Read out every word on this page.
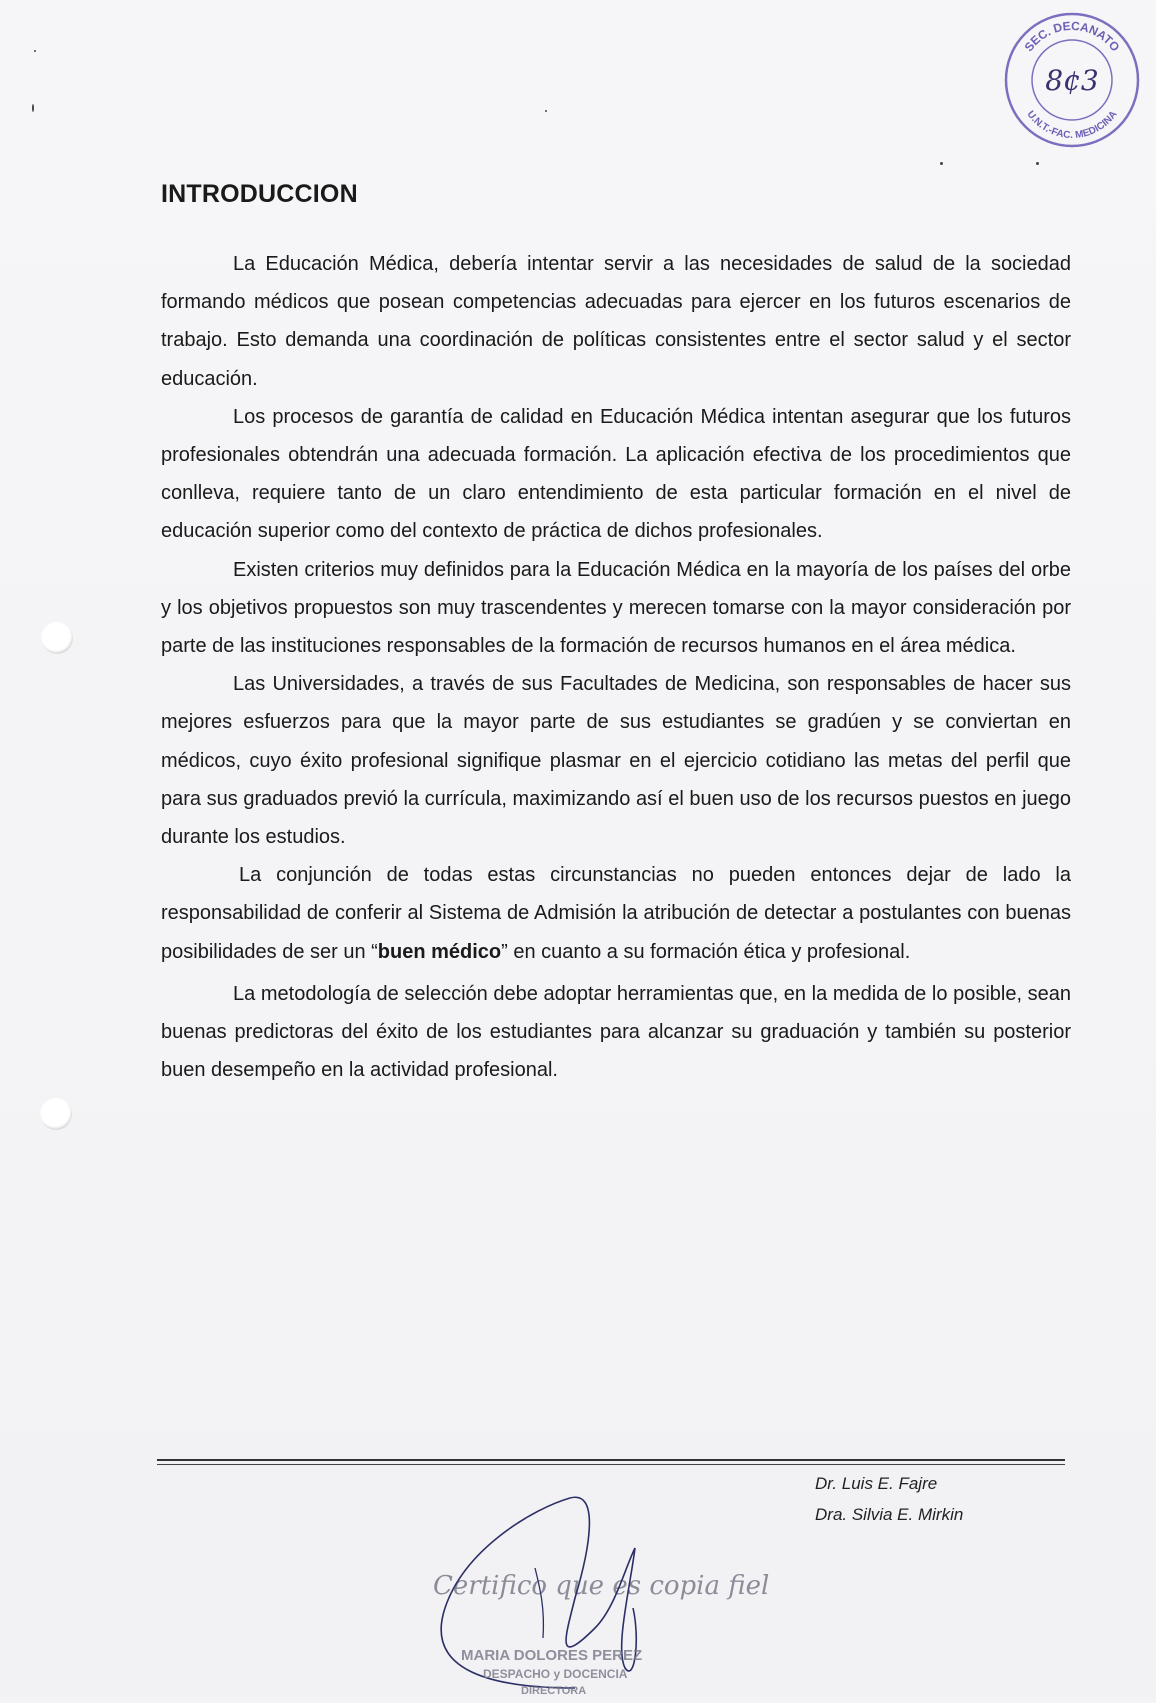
SEC. DECANATO
U.N.T.-FAC. MEDICINA
8¢3
INTRODUCCION

La Educación Médica, debería intentar servir a las necesidades de salud de la sociedad formando médicos que posean competencias adecuadas para ejercer en los futuros escenarios de trabajo. Esto demanda una coordinación de políticas consistentes entre el sector salud y el sector educación.

Los procesos de garantía de calidad en Educación Médica intentan asegurar que los futuros profesionales obtendrán una adecuada formación. La aplicación efectiva de los procedimientos que conlleva, requiere tanto de un claro entendimiento de esta particular formación en el nivel de educación superior como del contexto de práctica de dichos profesionales.

Existen criterios muy definidos para la Educación Médica en la mayoría de los países del orbe y los objetivos propuestos son muy trascendentes y merecen tomarse con la mayor consideración por parte de las instituciones responsables de la formación de recursos humanos en el área médica.

Las Universidades, a través de sus Facultades de Medicina, son responsables de hacer sus mejores esfuerzos para que la mayor parte de sus estudiantes se gradúen y se conviertan en médicos, cuyo éxito profesional signifique plasmar en el ejercicio cotidiano las metas del perfil que para sus graduados previó la currícula, maximizando así el buen uso de los recursos puestos en juego durante los estudios.

La conjunción de todas estas circunstancias no pueden entonces dejar de lado la responsabilidad de conferir al Sistema de Admisión la atribución de detectar a postulantes con buenas posibilidades de ser un “buen médico” en cuanto a su formación ética y profesional.

La metodología de selección debe adoptar herramientas que, en la medida de lo posible, sean buenas predictoras del éxito de los estudiantes para alcanzar su graduación y también su posterior buen desempeño en la actividad profesional.

Dr. Luis E. Fajre
Dra. Silvia E. Mirkin
Certifico que es copia fiel
MARIA DOLORES PEREZ
DESPACHO y DOCENCIA
DIRECTORA
